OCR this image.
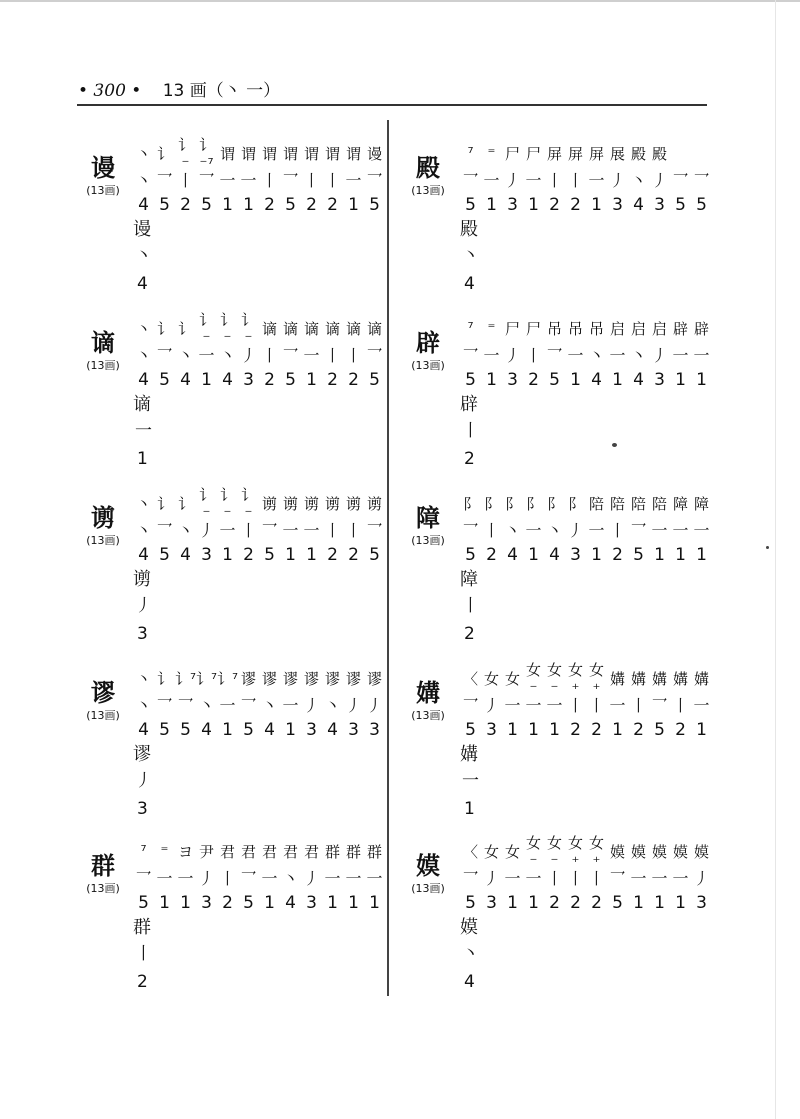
• 300 • 13 画（丶 一）
谩
(13画)
丶 讠 讠⁻
讠⁻⁷
谓 谓 谓 谓 谓 谓 谓 谩
丶 乛 丨 乛 一 一 丨 乛 丨 丨 一 乛
4 5 2 5 1 1 2 5 2 2 1 5
谩
丶
4
谪
(13画)
丶 讠 讠 讠⁻
讠⁻
讠⁻
谪 谪 谪 谪 谪 谪
丶 乛 丶 一 丶 丿 丨 乛 一 丨 丨 乛
4 5 4 1 4 3 2 5 1 2 2 5
谪
一
1
谫
(13画)
丶 讠 讠 讠⁻
讠⁻
讠⁻
谫 谫 谫 谫 谫 谫
丶 乛 丶 丿 一 丨 乛 一 一 丨 丨 乛
4 5 4 3 1 2 5 1 1 2 2 5
谫
丿
3
谬
(13画)
丶 讠 讠⁷ 讠⁷ 讠⁷ 谬 谬 谬 谬 谬 谬 谬
丶 乛 乛 丶 一 乛 丶 一 丿 丶 丿 丿
4 5 5 4 1 5 4 1 3 4 3 3
谬
丿
3
群
(13画)
⁷ ⁼ ヨ 尹 君 君 君 君 君 群 群 群
乛 一 一 丿 丨 乛 一 丶 丿 一 一 一
5 1 1 3 2 5 1 4 3 1 1 1
群
丨
2
殿
(13画)
⁷ ⁼ 尸 尸 屏 屏 屏 展 殿 殿
乛 一 丿 一 丨 丨 一 丿 丶 丿 乛 乛
5 1 3 1 2 2 1 3 4 3 5 5
殿
丶
4
辟
(13画)
⁷ ⁼ 尸 尸 吊 吊 吊 启 启 启 辟 辟
乛 一 丿 丨 乛 一 丶 一 丶 丿 一 一
5 1 3 2 5 1 4 1 4 3 1 1
辟
丨
2
障
(13画)
阝 阝 阝 阝 阝 阝 陪 陪 陪 陪 障 障
乛 丨 丶 一 丶 丿 一 丨 乛 一 一 一
5 2 4 1 4 3 1 2 5 1 1 1
障
丨
2
媾
(13画)
〈 女 女 女⁻
女⁻
女⁺
女⁺
媾 媾 媾 媾 媾
乛 丿 一 一 一 丨 丨 一 丨 乛 丨 一
5 3 1 1 1 2 2 1 2 5 2 1
媾
一
1
嫫
(13画)
〈 女 女 女⁻
女⁻
女⁺
女⁺
嫫 嫫 嫫 嫫 嫫
乛 丿 一 一 丨 丨 丨 乛 一 一 一 丿
5 3 1 1 2 2 2 5 1 1 1 3
嫫
丶
4
